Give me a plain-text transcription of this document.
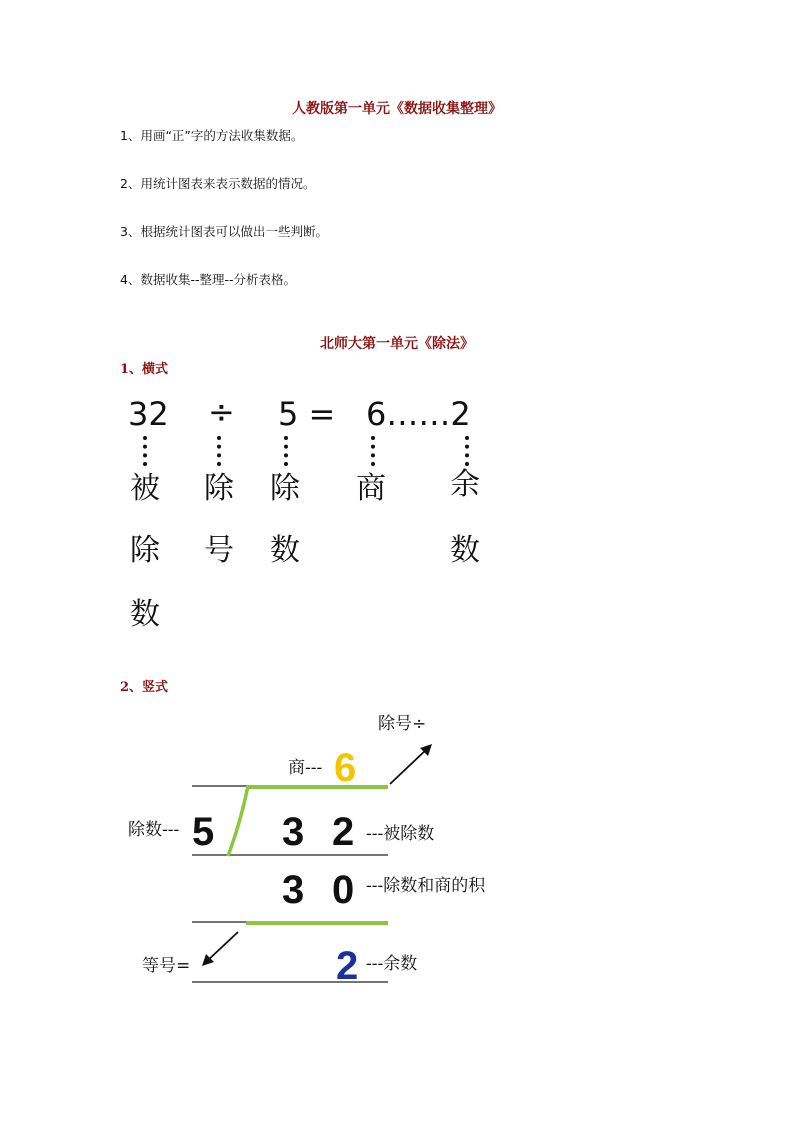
人教版第一单元《数据收集整理》
1、用画“正”字的方法收集数据。
2、用统计图表来表示数据的情况。
3、根据统计图表可以做出一些判断。
4、数据收集--整理--分析表格。
北师大第一单元《除法》
1、横式
32 ÷ 5 = 6……2
被
除
数
除
号
除
数
商 余
数
2、竖式
除号÷
商--- 6
除数--- 5 3 2 ---被除数
3 0 ---除数和商的积
等号=	2 ---余数
